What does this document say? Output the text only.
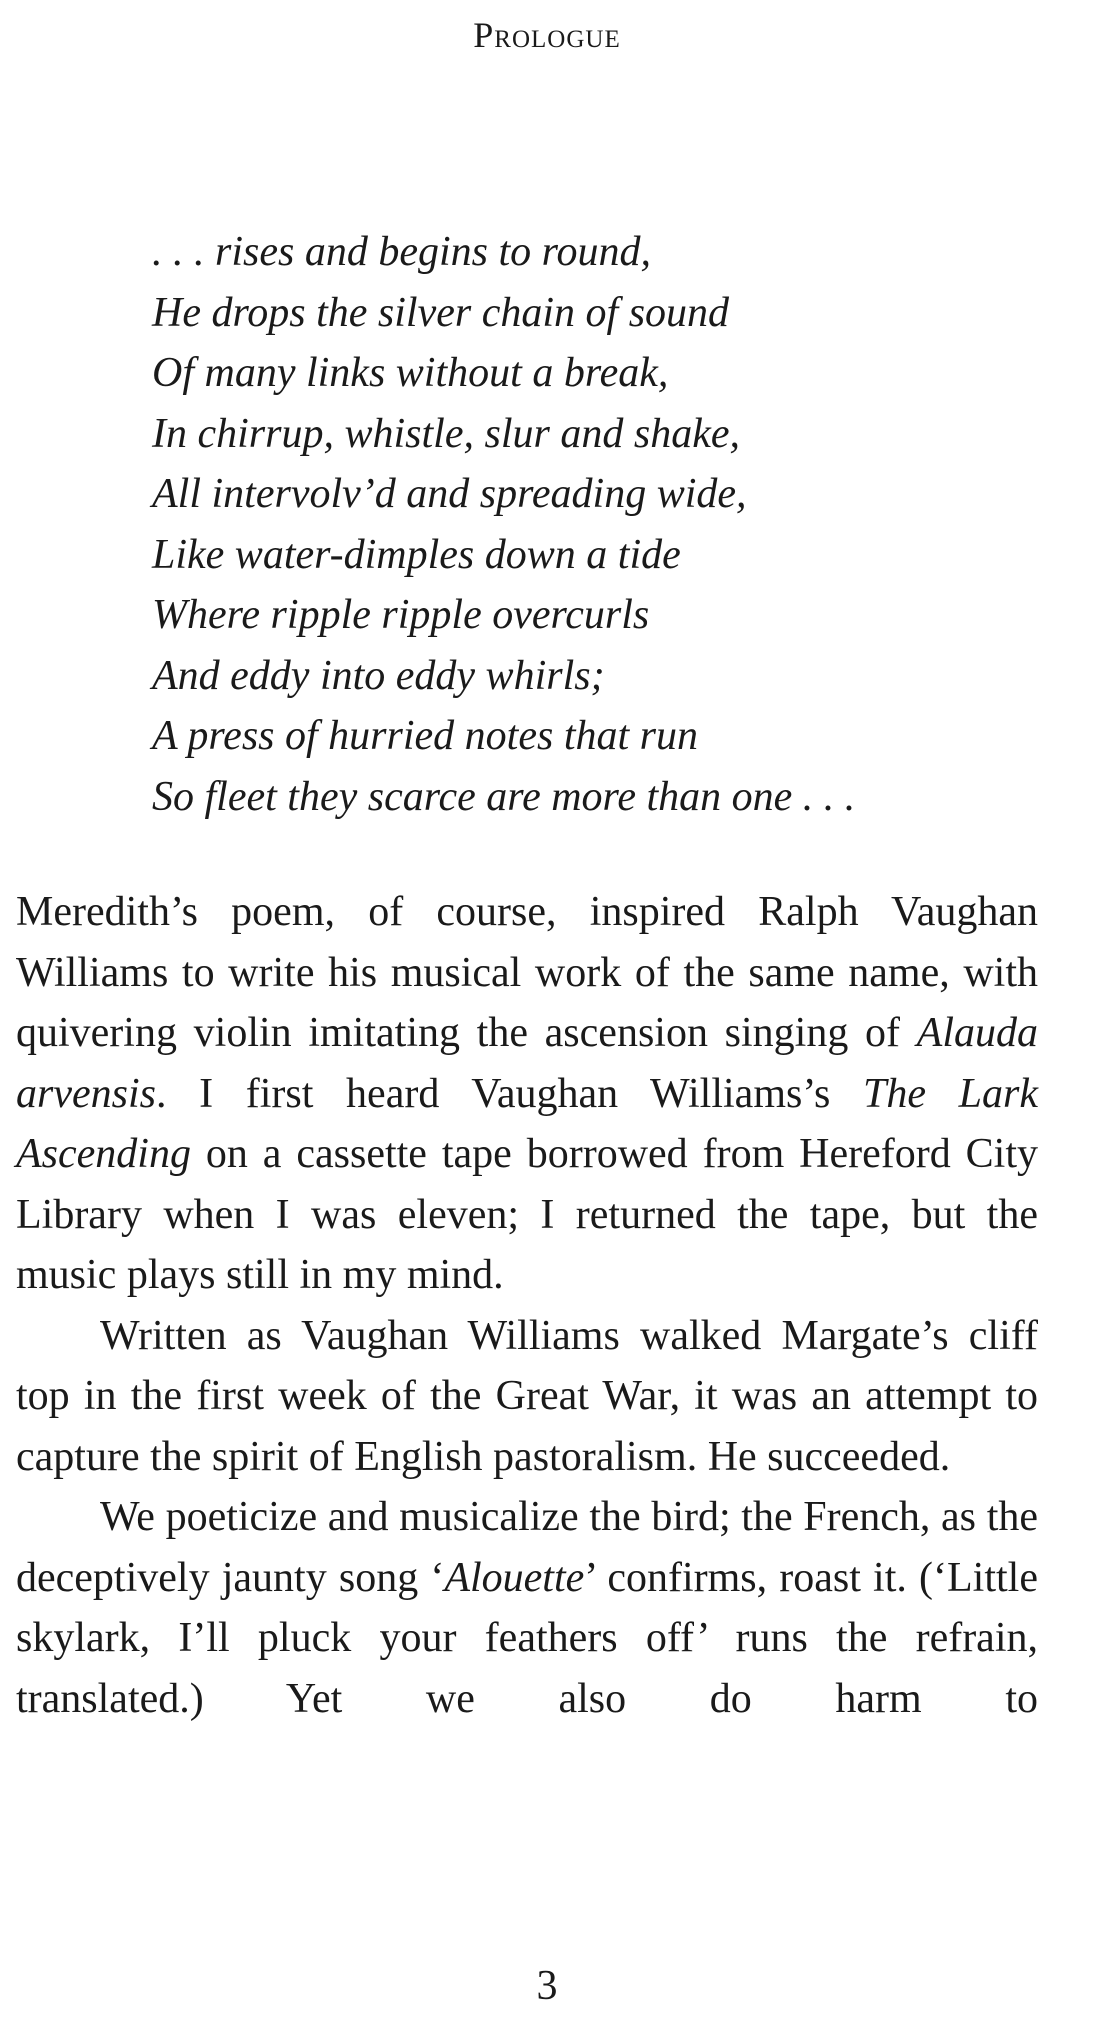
Prologue
. . . rises and begins to round,
He drops the silver chain of sound
Of many links without a break,
In chirrup, whistle, slur and shake,
All intervolv’d and spreading wide,
Like water-dimples down a tide
Where ripple ripple overcurls
And eddy into eddy whirls;
A press of hurried notes that run
So fleet they scarce are more than one . . .

Meredith’s poem, of course, inspired Ralph Vaughan Williams to write his musical work of the same name, with quivering violin imitating the ascension singing of Alauda arvensis. I first heard Vaughan Williams’s The Lark Ascending on a cassette tape borrowed from Hereford City Library when I was eleven; I returned the tape, but the music plays still in my mind.

Written as Vaughan Williams walked Margate’s cliff top in the first week of the Great War, it was an attempt to capture the spirit of English pastoralism. He succeeded.

We poeticize and musicalize the bird; the French, as the deceptively jaunty song ‘Alouette’ confirms, roast it. (‘Little skylark, I’ll pluck your feathers off’ runs the refrain, translated.) Yet we also do harm to

3
